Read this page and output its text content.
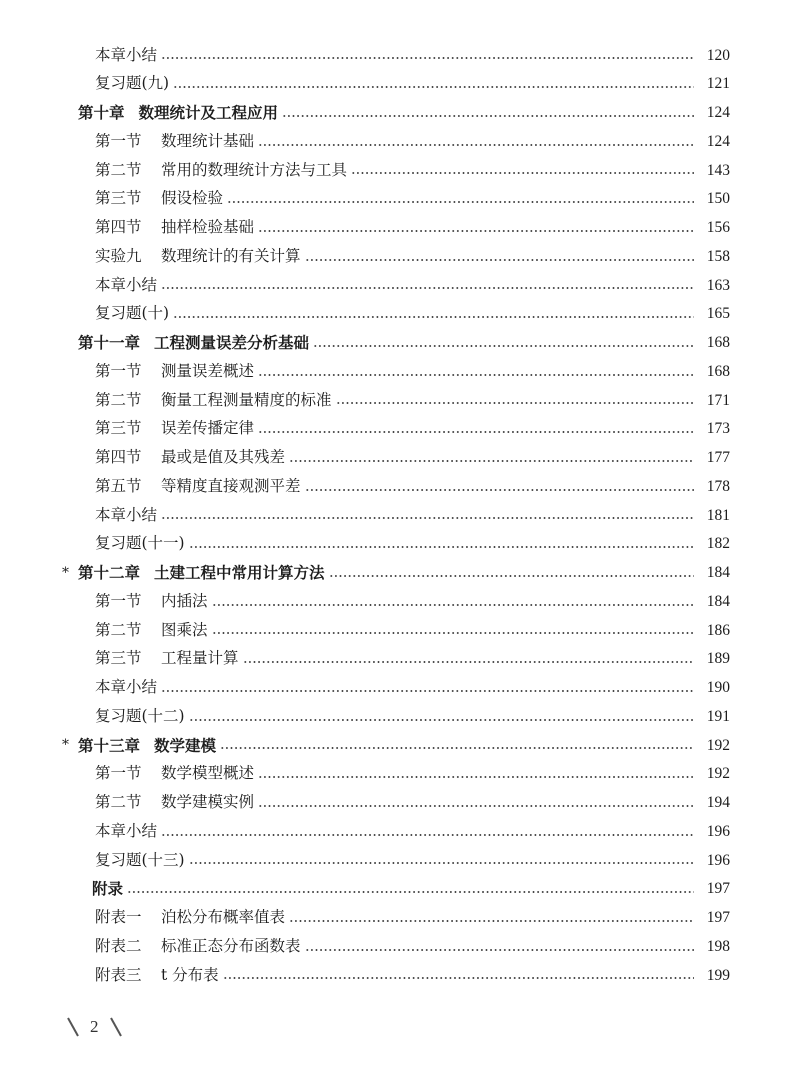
本章小结	120
复习题(九)	121
第十章 数理统计及工程应用	124
第一节 数理统计基础	124
第二节 常用的数理统计方法与工具	143
第三节 假设检验	150
第四节 抽样检验基础	156
实验九 数理统计的有关计算	158
本章小结	163
复习题(十)	165
第十一章 工程测量误差分析基础	168
第一节 测量误差概述	168
第二节 衡量工程测量精度的标准	171
第三节 误差传播定律	173
第四节 最或是值及其残差	177
第五节 等精度直接观测平差	178
本章小结	181
复习题(十一)	182
* 第十二章 土建工程中常用计算方法	184
第一节 内插法	184
第二节 图乘法	186
第三节 工程量计算	189
本章小结	190
复习题(十二)	191
* 第十三章 数学建模	192
第一节 数学模型概述	192
第二节 数学建模实例	194
本章小结	196
复习题(十三)	196
附录	197
附表一 泊松分布概率值表	197
附表二 标准正态分布函数表	198
附表三 t 分布表	199
2
